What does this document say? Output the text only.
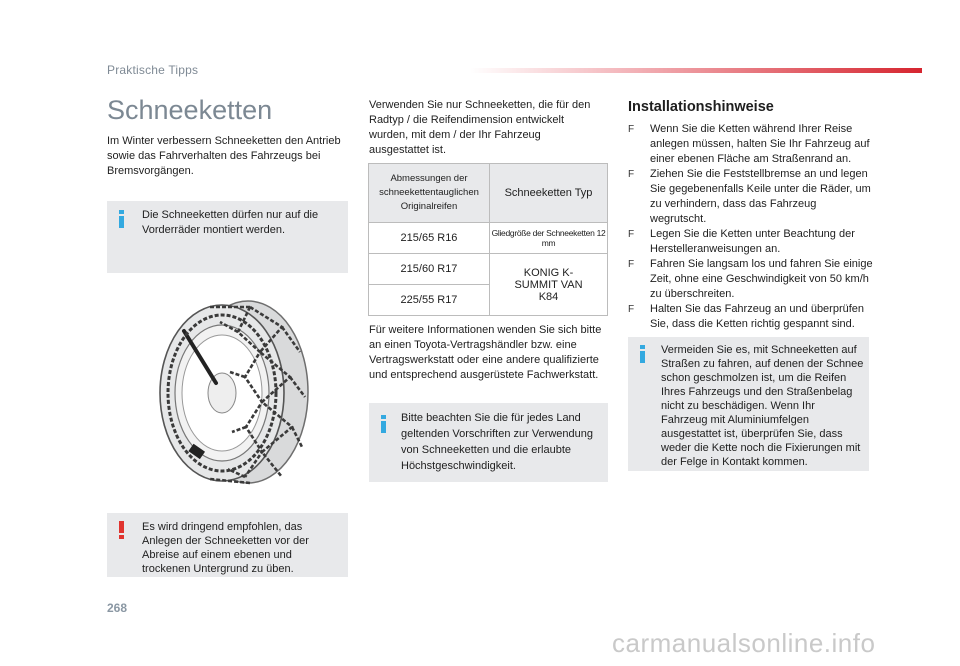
Praktische Tipps
Schneeketten
Im Winter verbessern Schneeketten den Antrieb sowie das Fahrverhalten des Fahrzeugs bei Bremsvorgängen.
Die Schneeketten dürfen nur auf die Vorderräder montiert werden.
Es wird dringend empfohlen, das Anlegen der Schneeketten vor der Abreise auf einem ebenen und trockenen Untergrund zu üben.
Verwenden Sie nur Schneeketten, die für den Radtyp / die Reifendimension entwickelt wurden, mit dem / der Ihr Fahrzeug ausgestattet ist.
Abmessungen der schneekettentauglichen Originalreifen	Schneeketten Typ
215/65 R16	Gliedgröße der Schneeketten 12 mm
215/60 R17	KONIG K-SUMMIT VAN K84
225/55 R17	
Für weitere Informationen wenden Sie sich bitte an einen Toyota-Vertragshändler bzw. eine Vertragswerkstatt oder eine andere qualifizierte und entsprechend ausgerüstete Fachwerkstatt.
Bitte beachten Sie die für jedes Land geltenden Vorschriften zur Verwendung von Schneeketten und die erlaubte Höchstgeschwindigkeit.
Installationshinweise
F Wenn Sie die Ketten während Ihrer Reise anlegen müssen, halten Sie Ihr Fahrzeug auf einer ebenen Fläche am Straßenrand an.
F Ziehen Sie die Feststellbremse an und legen Sie gegebenenfalls Keile unter die Räder, um zu verhindern, dass das Fahrzeug wegrutscht.
F Legen Sie die Ketten unter Beachtung der Herstelleranweisungen an.
F Fahren Sie langsam los und fahren Sie einige Zeit, ohne eine Geschwindigkeit von 50 km/h zu überschreiten.
F Halten Sie das Fahrzeug an und überprüfen Sie, dass die Ketten richtig gespannt sind.
Vermeiden Sie es, mit Schneeketten auf Straßen zu fahren, auf denen der Schnee schon geschmolzen ist, um die Reifen Ihres Fahrzeugs und den Straßenbelag nicht zu beschädigen. Wenn Ihr Fahrzeug mit Aluminiumfelgen ausgestattet ist, überprüfen Sie, dass weder die Kette noch die Fixierungen mit der Felge in Kontakt kommen.
268
carmanualsonline.info
